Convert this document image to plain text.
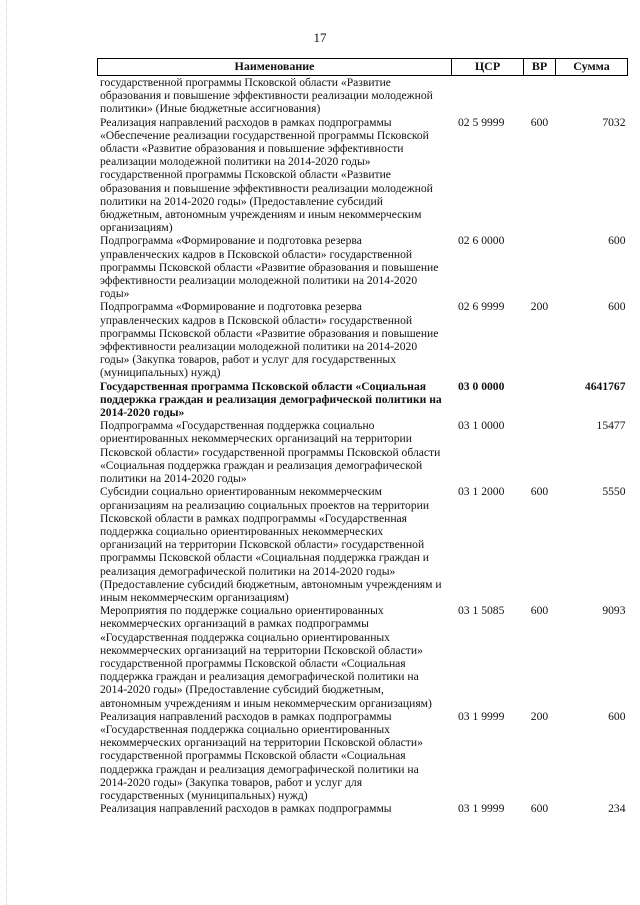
17
Наименование	ЦСР	ВР	Сумма
государственной программы Псковской области «Развитие образования и повышение эффективности реализации молодежной политики» (Иные бюджетные ассигнования)			
Реализация направлений расходов в рамках подпрограммы «Обеспечение реализации государственной программы Псковской области «Развитие образования и повышение эффективности реализации молодежной политики на 2014-2020 годы» государственной программы Псковской области «Развитие образования и повышение эффективности реализации молодежной политики на 2014-2020 годы» (Предоставление субсидий бюджетным, автономным учреждениям и иным некоммерческим организациям)	02 5 9999	600	7032
Подпрограмма «Формирование и подготовка резерва управленческих кадров в Псковской области» государственной программы Псковской области «Развитие образования и повышение эффективности реализации молодежной политики на 2014-2020 годы»	02 6 0000		600
Подпрограмма «Формирование и подготовка резерва управленческих кадров в Псковской области» государственной программы Псковской области «Развитие образования и повышение эффективности реализации молодежной политики на 2014-2020 годы» (Закупка товаров, работ и услуг для государственных (муниципальных) нужд)	02 6 9999	200	600
Государственная программа Псковской области «Социальная поддержка граждан и реализация демографической политики на 2014-2020 годы»	03 0 0000		4641767
Подпрограмма «Государственная поддержка социально ориентированных некоммерческих организаций на территории Псковской области» государственной программы Псковской области «Социальная поддержка граждан и реализация демографической политики на 2014-2020 годы»	03 1 0000		15477
Субсидии социально ориентированным некоммерческим организациям на реализацию социальных проектов на территории Псковской области в рамках подпрограммы «Государственная поддержка социально ориентированных некоммерческих организаций на территории Псковской области» государственной программы Псковской области «Социальная поддержка граждан и реализация демографической политики на 2014-2020 годы» (Предоставление субсидий бюджетным, автономным учреждениям и иным некоммерческим организациям)	03 1 2000	600	5550
Мероприятия по поддержке социально ориентированных некоммерческих организаций в рамках подпрограммы «Государственная поддержка социально ориентированных некоммерческих организаций на территории Псковской области» государственной программы Псковской области «Социальная поддержка граждан и реализация демографической политики на 2014-2020 годы» (Предоставление субсидий бюджетным, автономным учреждениям и иным некоммерческим организациям)	03 1 5085	600	9093
Реализация направлений расходов в рамках подпрограммы «Государственная поддержка социально ориентированных некоммерческих организаций на территории Псковской области» государственной программы Псковской области «Социальная поддержка граждан и реализация демографической политики на 2014-2020 годы» (Закупка товаров, работ и услуг для государственных (муниципальных) нужд)	03 1 9999	200	600
Реализация направлений расходов в рамках подпрограммы	03 1 9999	600	234
